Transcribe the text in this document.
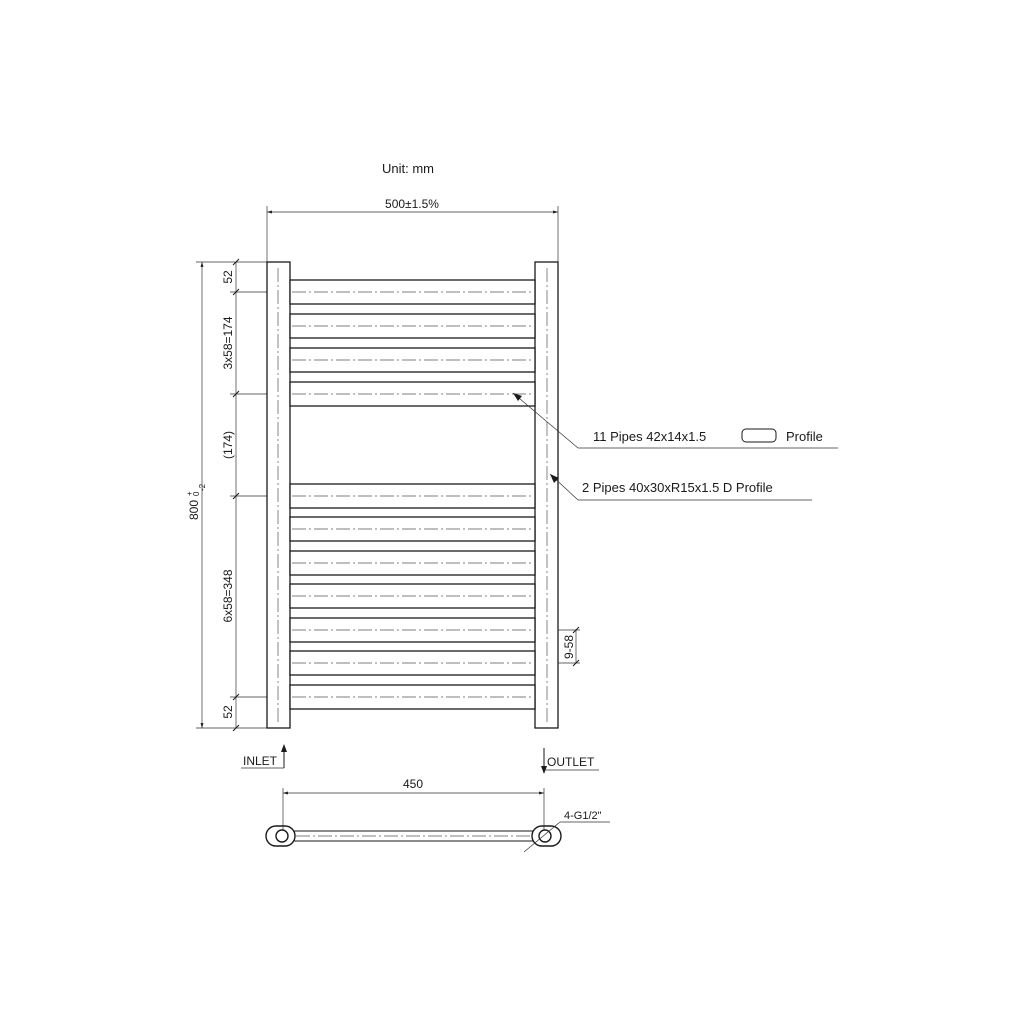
Unit: mm
500±1.5%
800
+
0
-2
52
3x58=174
(174)
6x58=348
52
9-58
11 Pipes 42x14x1.5	Profile
2 Pipes 40x30xR15x1.5 D Profile
INLET	OUTLET
450
4-G1/2"
